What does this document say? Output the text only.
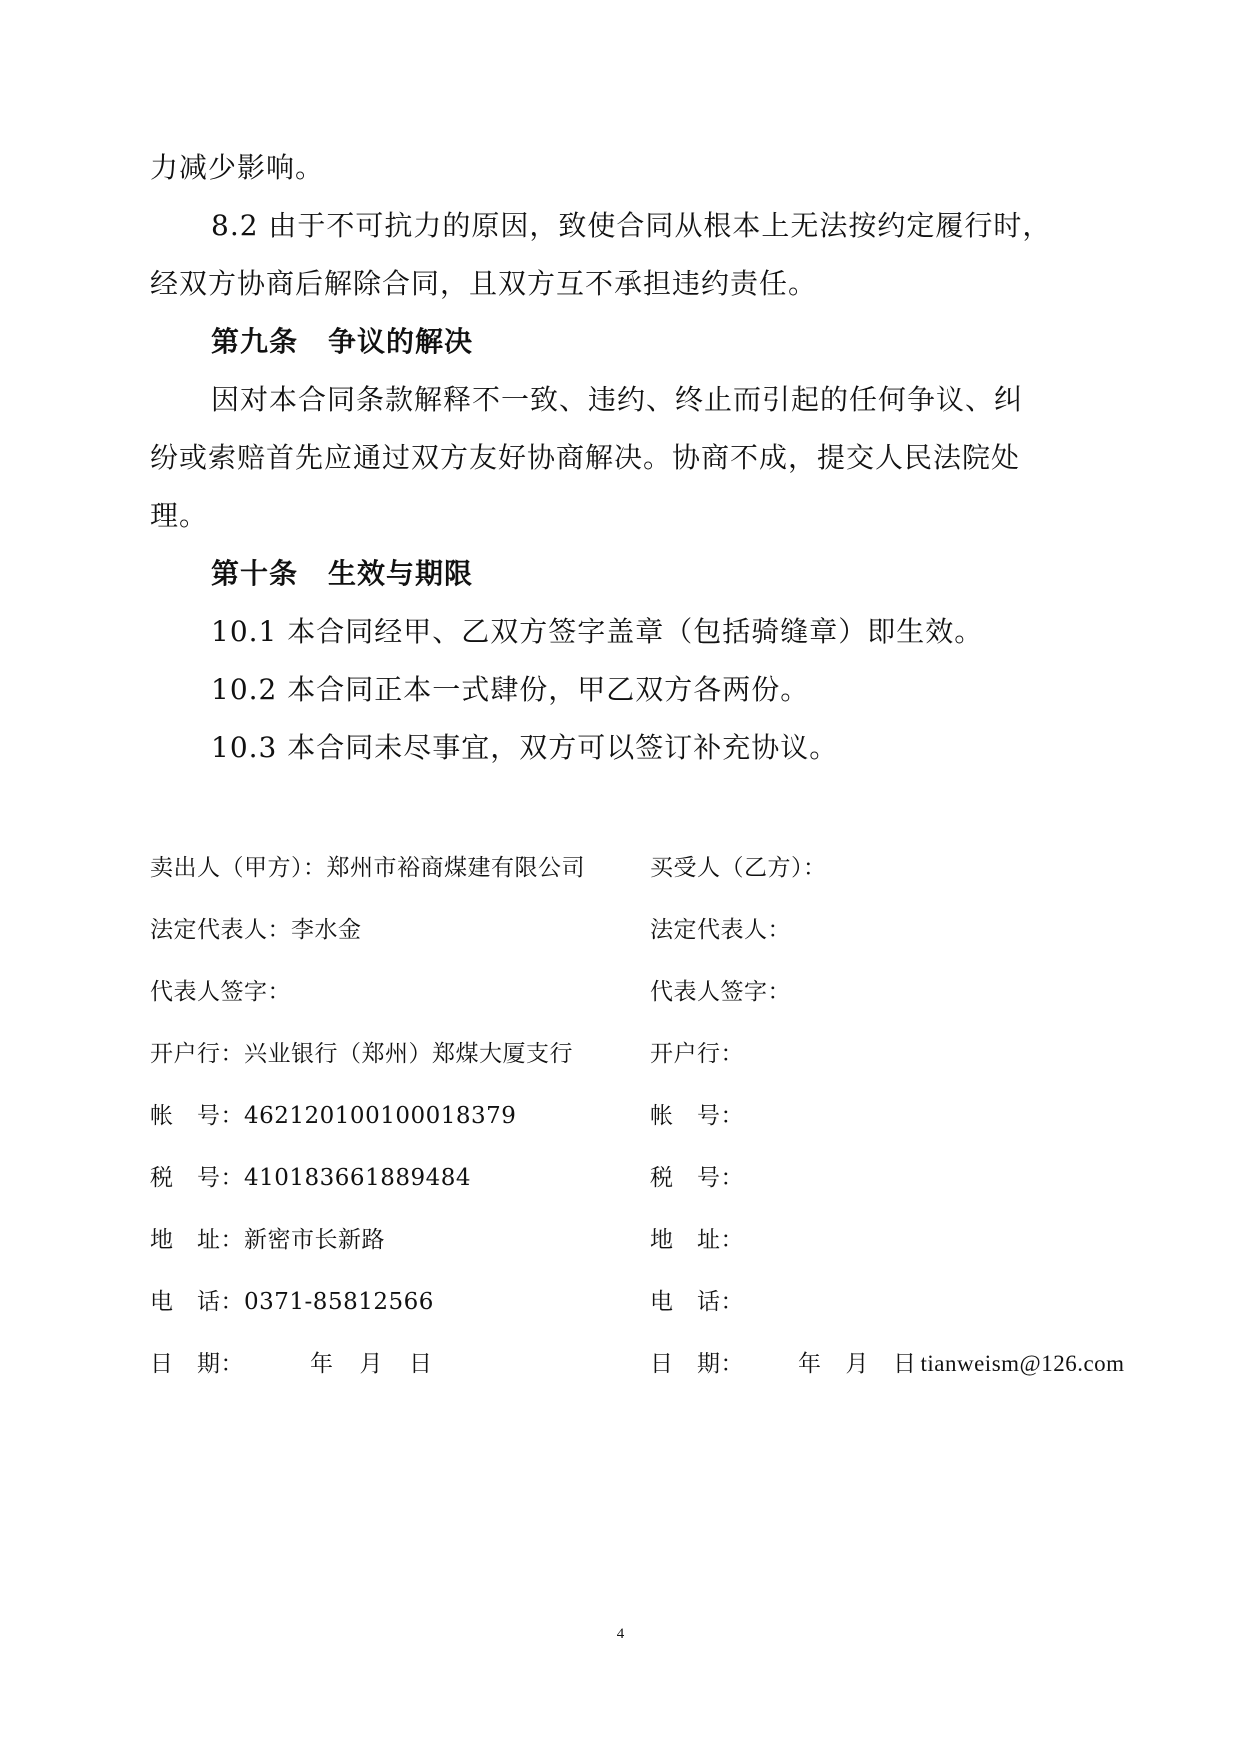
力减少影响。
8.2 由于不可抗力的原因，致使合同从根本上无法按约定履行时，
经双方协商后解除合同，且双方互不承担违约责任。
第九条 争议的解决
因对本合同条款解释不一致、违约、终止而引起的任何争议、纠
纷或索赔首先应通过双方友好协商解决。协商不成，提交人民法院处
理。
第十条 生效与期限
10.1 本合同经甲、乙双方签字盖章（包括骑缝章）即生效。
10.2 本合同正本一式肆份，甲乙双方各两份。
10.3 本合同未尽事宜，双方可以签订补充协议。
卖出人（甲方）：郑州市裕商煤建有限公司
法定代表人：李水金
代表人签字：
开户行：兴业银行（郑州）郑煤大厦支行
帐　号：462120100100018379
税　号：410183661889484
地　址：新密市长新路
电　话：0371-85812566
日　期：	年 月 日
买受人（乙方）：
法定代表人：
代表人签字：
开户行：
帐　号：
税　号：
地　址：
电　话：
日　期： 年 月 日 tianweism@126.com
4
